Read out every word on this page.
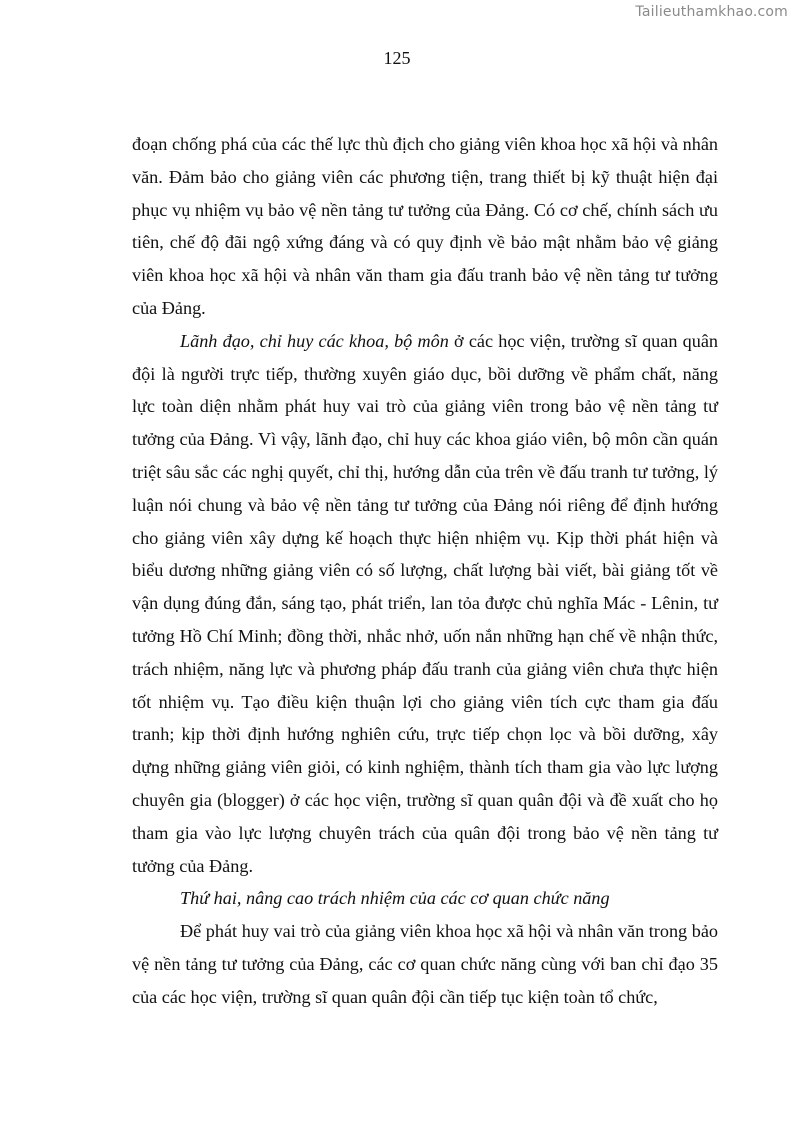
Tailieuthamkhao.com
125

đoạn chống phá của các thế lực thù địch cho giảng viên khoa học xã hội và nhân văn. Đảm bảo cho giảng viên các phương tiện, trang thiết bị kỹ thuật hiện đại phục vụ nhiệm vụ bảo vệ nền tảng tư tưởng của Đảng. Có cơ chế, chính sách ưu tiên, chế độ đãi ngộ xứng đáng và có quy định về bảo mật nhằm bảo vệ giảng viên khoa học xã hội và nhân văn tham gia đấu tranh bảo vệ nền tảng tư tưởng của Đảng.

Lãnh đạo, chỉ huy các khoa, bộ môn ở các học viện, trường sĩ quan quân đội là người trực tiếp, thường xuyên giáo dục, bồi dưỡng về phẩm chất, năng lực toàn diện nhằm phát huy vai trò của giảng viên trong bảo vệ nền tảng tư tưởng của Đảng. Vì vậy, lãnh đạo, chỉ huy các khoa giáo viên, bộ môn cần quán triệt sâu sắc các nghị quyết, chỉ thị, hướng dẫn của trên về đấu tranh tư tưởng, lý luận nói chung và bảo vệ nền tảng tư tưởng của Đảng nói riêng để định hướng cho giảng viên xây dựng kế hoạch thực hiện nhiệm vụ. Kịp thời phát hiện và biểu dương những giảng viên có số lượng, chất lượng bài viết, bài giảng tốt về vận dụng đúng đắn, sáng tạo, phát triển, lan tỏa được chủ nghĩa Mác - Lênin, tư tưởng Hồ Chí Minh; đồng thời, nhắc nhở, uốn nắn những hạn chế về nhận thức, trách nhiệm, năng lực và phương pháp đấu tranh của giảng viên chưa thực hiện tốt nhiệm vụ. Tạo điều kiện thuận lợi cho giảng viên tích cực tham gia đấu tranh; kịp thời định hướng nghiên cứu, trực tiếp chọn lọc và bồi dưỡng, xây dựng những giảng viên giỏi, có kinh nghiệm, thành tích tham gia vào lực lượng chuyên gia (blogger) ở các học viện, trường sĩ quan quân đội và đề xuất cho họ tham gia vào lực lượng chuyên trách của quân đội trong bảo vệ nền tảng tư tưởng của Đảng.

Thứ hai, nâng cao trách nhiệm của các cơ quan chức năng

Để phát huy vai trò của giảng viên khoa học xã hội và nhân văn trong bảo vệ nền tảng tư tưởng của Đảng, các cơ quan chức năng cùng với ban chỉ đạo 35 của các học viện, trường sĩ quan quân đội cần tiếp tục kiện toàn tổ chức,
